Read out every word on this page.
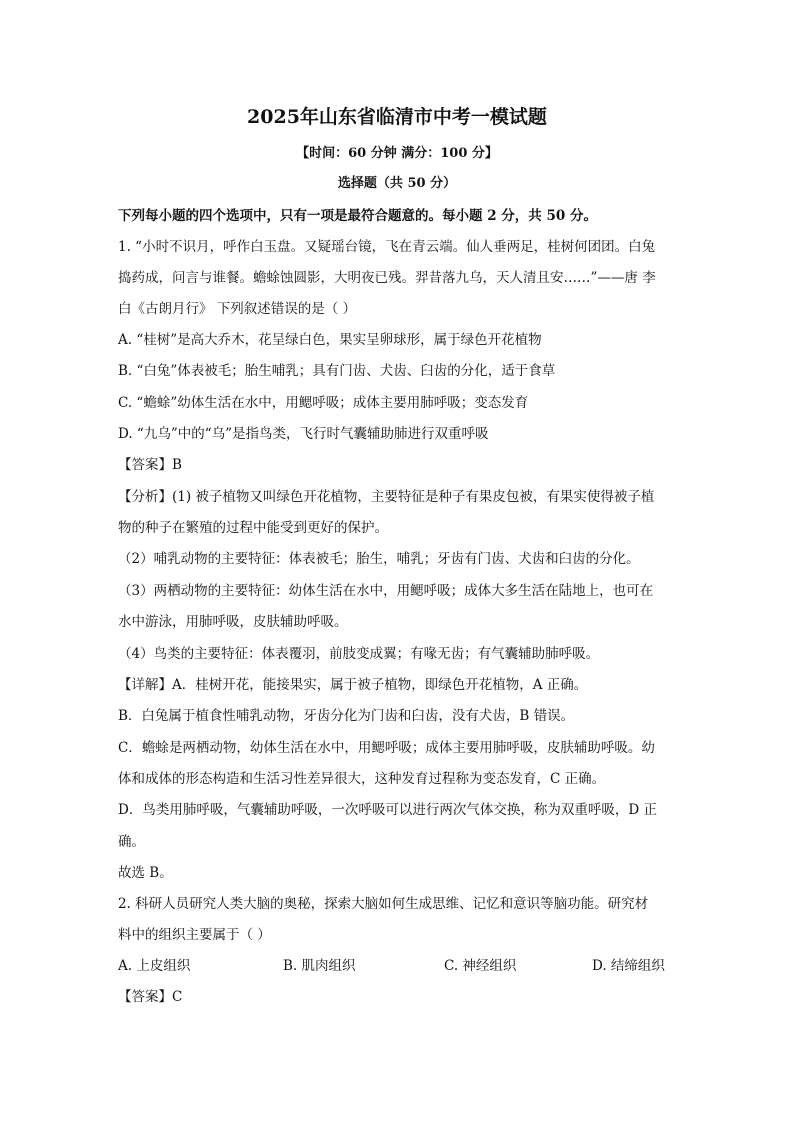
2025年山东省临清市中考一模试题
【时间：60 分钟 满分：100 分】
选择题（共 50 分）
下列每小题的四个选项中，只有一项是最符合题意的。每小题 2 分，共 50 分。
1. “小时不识月，呼作白玉盘。又疑瑶台镜，飞在青云端。仙人垂两足，桂树何团团。白兔
捣药成，问言与谁餐。蟾蜍蚀圆影，大明夜已残。羿昔落九乌，天人清且安……”——唐 李
白《古朗月行》 下列叙述错误的是（ ）
A. “桂树”是高大乔木，花呈绿白色，果实呈卵球形，属于绿色开花植物
B. “白兔”体表被毛；胎生哺乳；具有门齿、犬齿、臼齿的分化，适于食草
C. “蟾蜍”幼体生活在水中，用鳃呼吸；成体主要用肺呼吸；变态发育
D. “九乌”中的“乌”是指鸟类，飞行时气囊辅助肺进行双重呼吸
【答案】B
【分析】(1) 被子植物又叫绿色开花植物，主要特征是种子有果皮包被，有果实使得被子植
物的种子在繁殖的过程中能受到更好的保护。
（2）哺乳动物的主要特征：体表被毛；胎生，哺乳；牙齿有门齿、犬齿和臼齿的分化。
（3）两栖动物的主要特征：幼体生活在水中，用鳃呼吸；成体大多生活在陆地上，也可在
水中游泳，用肺呼吸，皮肤辅助呼吸。
（4）鸟类的主要特征：体表覆羽，前肢变成翼；有喙无齿；有气囊辅助肺呼吸。
【详解】A．桂树开花，能接果实，属于被子植物，即绿色开花植物，A 正确。
B．白兔属于植食性哺乳动物，牙齿分化为门齿和臼齿，没有犬齿，B 错误。
C．蟾蜍是两栖动物，幼体生活在水中，用鳃呼吸；成体主要用肺呼吸，皮肤辅助呼吸。幼
体和成体的形态构造和生活习性差异很大，这种发育过程称为变态发育，C 正确。
D．鸟类用肺呼吸，气囊辅助呼吸，一次呼吸可以进行两次气体交换，称为双重呼吸，D 正
确。
故选 B。
2. 科研人员研究人类大脑的奥秘，探索大脑如何生成思维、记忆和意识等脑功能。研究材
料中的组织主要属于（ ）
A. 上皮组织	B. 肌肉组织	C. 神经组织	D. 结缔组织
【答案】C
